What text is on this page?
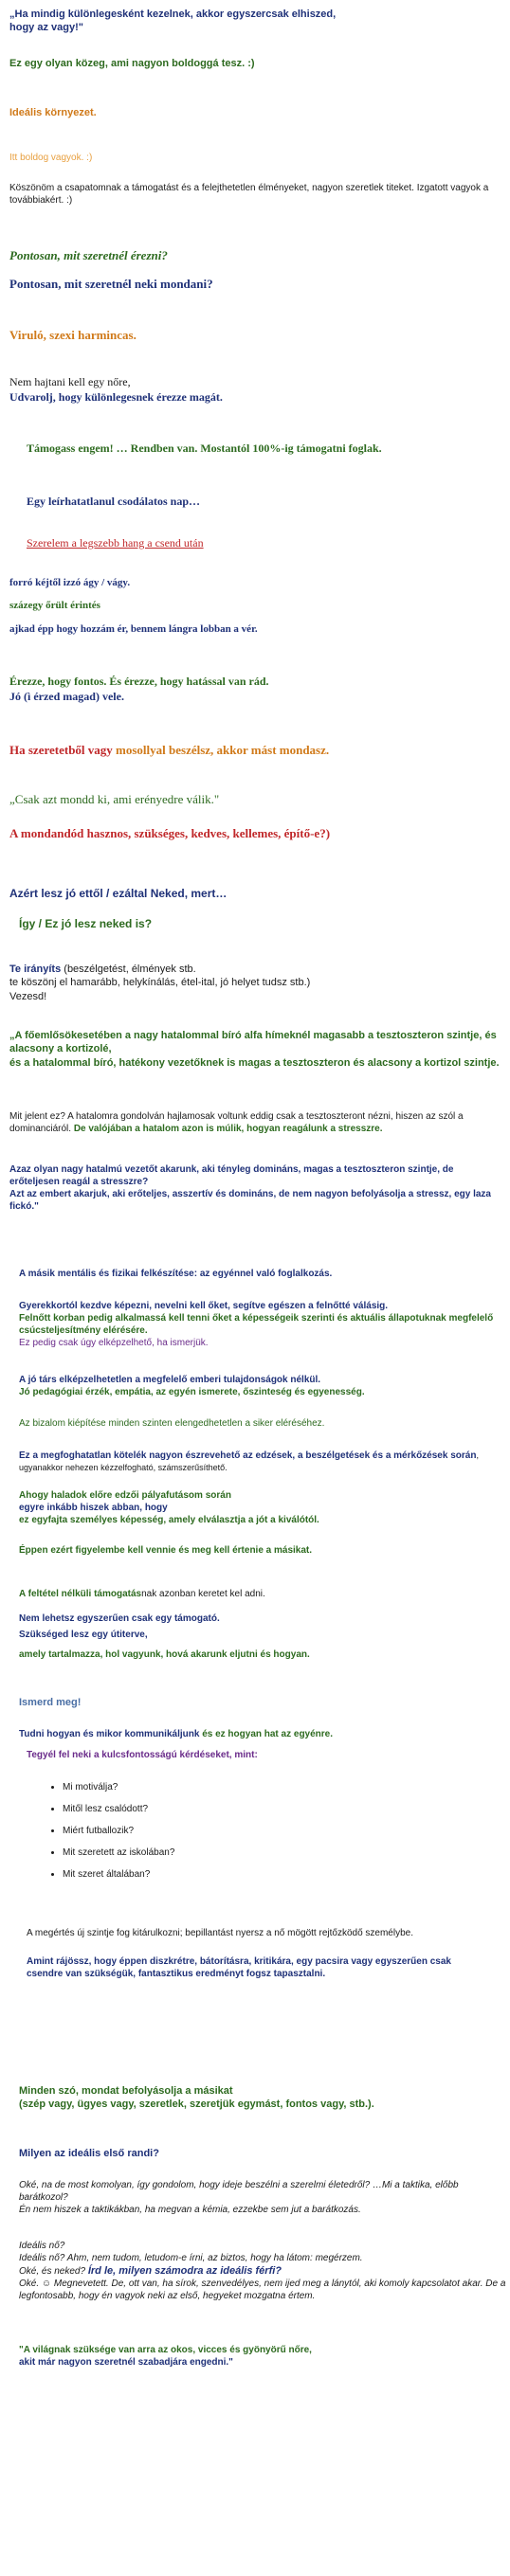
„Ha mindig különlegesként kezelnek, akkor egyszercsak elhiszed,

hogy az vagy!"

Ez egy olyan közeg, ami nagyon boldoggá tesz. :)
Ideális környezet.
Itt boldog vagyok. :)
Köszönöm a csapatomnak a támogatást és a felejthetetlen élményeket, nagyon szeretlek titeket. Izgatott vagyok a továbbiakért. :)
Pontosan, mit szeretnél érezni?
Pontosan, mit szeretnél neki mondani?
Viruló, szexi harmincas.

Nem hajtani kell egy nőre,

Udvarolj, hogy különlegesnek érezze magát.

Támogass engem! … Rendben van. Mostantól 100%-ig támogatni foglak.
Egy leírhatatlanul csodálatos nap…
Szerelem a legszebb hang a csend után

forró kéjtől izzó ágy / vágy.

százegy őrült érintés

ajkad épp hogy hozzám ér, bennem lángra lobban a vér.

Érezze, hogy fontos. És érezze, hogy hatással van rád.

Jó (ì érzed magad) vele.

Ha szeretetből vagy mosollyal beszélsz, akkor mást mondasz.
„Csak azt mondd ki, ami erényedre válik."
A mondandód hasznos, szükséges, kedves, kellemes, építő-e?)
Azért lesz jó ettől / ezáltal Neked, mert…
Így / Ez jó lesz neked is?

Te irányíts (beszélgetést, élmények stb.

te köszönj el hamarább, helykínálás, étel-ital, jó helyet tudsz stb.)

Vezesd!

„A főemlősökesetében a nagy hatalommal bíró alfa hímeknél magasabb a tesztoszteron szintje, és alacsony a kortizolé,

és a hatalommal bíró, hatékony vezetőknek is magas a tesztoszteron és alacsony a kortizol szintje.

Mit jelent ez? A hatalomra gondolván hajlamosak voltunk eddig csak a tesztoszteront nézni, hiszen az szól a dominanciáról. De valójában a hatalom azon is múlik, hogyan reagálunk a stresszre.

Azaz olyan nagy hatalmú vezetőt akarunk, aki tényleg domináns, magas a tesztoszteron szintje, de erőteljesen reagál a stresszre?

Azt az embert akarjuk, aki erőteljes, asszertív és domináns, de nem nagyon befolyásolja a stressz, egy laza fickó."

A másik mentális és fizikai felkészítése: az egyénnel való foglalkozás.

Gyerekkortól kezdve képezni, nevelni kell őket, segítve egészen a felnőtté válásig.

Felnőtt korban pedig alkalmassá kell tenni őket a képességeik szerinti és aktuális állapotuknak megfelelő csúcsteljesítmény elérésére.

Ez pedig csak úgy elképzelhető, ha ismerjük.

A jó társ elképzelhetetlen a megfelelő emberi tulajdonságok nélkül.

Jó pedagógiai érzék, empátia, az egyén ismerete, őszinteség és egyenesség.

Az bizalom kiépítése minden szinten elengedhetetlen a siker eléréséhez.
Ez a megfoghatatlan kötelék nagyon észrevehető az edzések, a beszélgetések és a mérkőzések során, ugyanakkor nehezen kézzelfogható, számszerűsíthető.

Ahogy haladok előre edzői pályafutásom során

egyre inkább hiszek abban, hogy

ez egyfajta személyes képesség, amely elválasztja a jót a kiválótól.

Éppen ezért figyelembe kell vennie és meg kell értenie a másikat.
A feltétel nélküli támogatásnak azonban keretet kel adni.

Nem lehetsz egyszerűen csak egy támogató.

Szükséged lesz egy útiterve,

amely tartalmazza, hol vagyunk, hová akarunk eljutni és hogyan.

Ismerd meg!
Tudni hogyan és mikor kommunikáljunk és ez hogyan hat az egyénre.
Tegyél fel neki a kulcsfontosságú kérdéseket, mint:
• Mi motiválja?
• Mitől lesz csalódott?
• Miért futballozik?
• Mit szeretett az iskolában?
• Mit szeret általában?
A megértés új szintje fog kitárulkozni; bepillantást nyersz a nő mögött rejtőzködő személybe.
Amint rájössz, hogy éppen diszkrétre, bátorításra, kritikára, egy pacsira vagy egyszerűen csak csendre van szükségük, fantasztikus eredményt fogsz tapasztalni.

Minden szó, mondat befolyásolja a másikat

(szép vagy, ügyes vagy, szeretlek, szeretjük egymást, fontos vagy, stb.).

Milyen az ideális első randi?

Oké, na de most komolyan, így gondolom, hogy ideje beszélni a szerelmi életedről? …Mi a taktika, előbb barátkozol?

Én nem hiszek a taktikákban, ha megvan a kémia, ezzekbe sem jut a barátkozás.

Ideális nő?

Ideális nő? Ahm, nem tudom, letudom-e írni, az biztos, hogy ha látom: megérzem.

Oké, és neked? Írd le, milyen számodra az ideális férfi?

Oké. ☺ Megnevetett. De, ott van, ha sírok, szenvedélyes, nem ijed meg a lánytól, aki komoly kapcsolatot akar. De a legfontosabb, hogy én vagyok neki az első, hegyeket mozgatna értem.

"A világnak szüksége van arra az okos, vicces és gyönyörű nőre,

akit már nagyon szeretnél szabadjára engedni."
